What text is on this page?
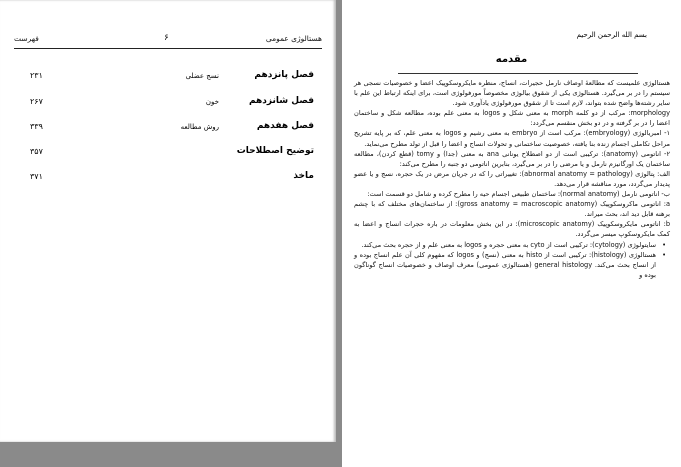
هستالوژی عمومی
۶
فهرست
فصل پانزدهم
نسج عضلی
۲۳۱
فصل شانزدهم
خون
۲۶۷
فصل هفدهم
روش مطالعه
۳۳۹
توضیح اصطلاحات
۳۵۷
ماخذ
۳۷۱
بسم الله الرحمن الرحیم
مقدمه

هستالوژی علمیست که مطالعهٔ اوصاف نارمل حجیرات، انساج، منظره مایکروسکوپیک اعضا و خصوصیات نسجی هر سیستم را در بر می‌گیرد. هستالوژی یکی از شقوق بیالوژی مخصوصاً مورفولوژی است، برای اینکه ارتباط این علم با سایر رشته‌ها واضح شده بتواند، لازم است تا از شقوق مورفولوژی یادآوری شود.

morphology: مرکب از دو کلمه morph به معنی شکل و logos به معنی علم بوده، مطالعه شکل و ساختمان اعضا را در بر گرفته و در دو بخش منقسم می‌گردد:

۱- امبریالوژی (embryology): مرکب است از embryo به معنی رشیم و logos به معنی علم، که بر پایه تشریح مراحل تکاملی اجسام زنده بنا یافته، خصوصیت ساختمانی و تحولات انساج و اعضا را قبل از تولد مطرح می‌نماید.

۲- اناتومی (anatomy): ترکیبی است از دو اصطلاح یونانی ana به معنی (جدا) و tomy (قطع کردن)، مطالعه ساختمان یک اورگانیزم نارمل و یا مرضی را در بر می‌گیرد، بنابرین اناتومی دو جنبه را مطرح می‌کند:

الف: پتالوژی (abnormal anatomy = pathology): تغییراتی را که در جریان مرض در یک حجره، نسج و یا عضو پدیدار می‌گردد، مورد مناقشه قرار می‌دهد.

ب- اناتومی نارمل (normal anatomy): ساختمان طبیعی اجسام حیه را مطرح کرده و شامل دو قسمت است:

a: اناتومی ماکروسکوپیک (gross anatomy = macroscopic anatomy): از ساختمان‌های مختلف که با چشم برهنه قابل دید اند، بحث میراند.

b: اناتومی مایکروسکوپیک (microscopic anatomy): در این بخش معلومات در باره حجرات انساج و اعضا به کمک مایکروسکوپ میسر می‌گردد.

• سایتولوژی (cytology): ترکیبی است از cyto به معنی حجره و logos به معنی علم و از حجره بحث می‌کند.

• هستالوژی (histology): ترکیبی است از histo به معنی (نسج) و logos که مفهوم کلی آن علم انساج بوده و از انساج بحث می‌کند. general histology (هستالوژی عمومی) معرف اوصاف و خصوصیات انساج گوناگون بوده و
